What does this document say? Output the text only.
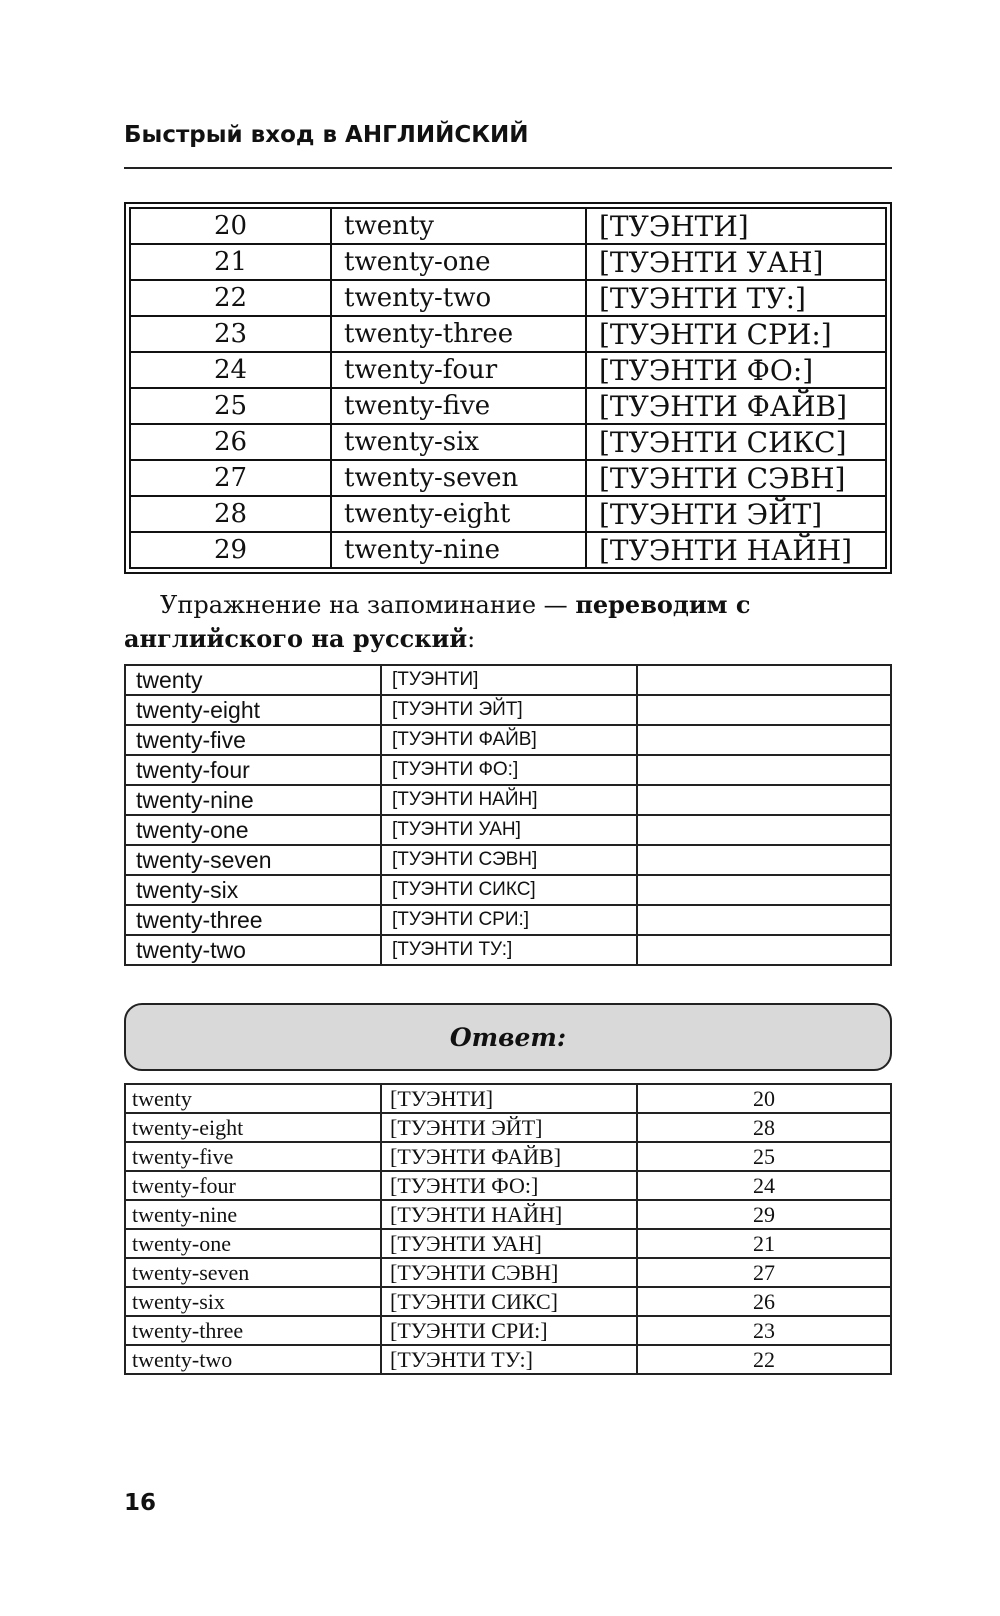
Быстрый вход в АНГЛИЙСКИЙ
20	twenty	[ТУЭНТИ]
21	twenty-one	[ТУЭНТИ УАН]
22	twenty-two	[ТУЭНТИ ТУ:]
23	twenty-three	[ТУЭНТИ СРИ:]
24	twenty-four	[ТУЭНТИ ФО:]
25	twenty-five	[ТУЭНТИ ФАЙВ]
26	twenty-six	[ТУЭНТИ СИКС]
27	twenty-seven	[ТУЭНТИ СЭВН]
28	twenty-eight	[ТУЭНТИ ЭЙТ]
29	twenty-nine	[ТУЭНТИ НАЙН]
Упражнение на запоминание — переводим с английского на русский:
twenty	[ТУЭНТИ]	
twenty-eight	[ТУЭНТИ ЭЙТ]	
twenty-five	[ТУЭНТИ ФАЙВ]	
twenty-four	[ТУЭНТИ ФО:]	
twenty-nine	[ТУЭНТИ НАЙН]	
twenty-one	[ТУЭНТИ УАН]	
twenty-seven	[ТУЭНТИ СЭВН]	
twenty-six	[ТУЭНТИ СИКС]	
twenty-three	[ТУЭНТИ СРИ:]	
twenty-two	[ТУЭНТИ ТУ:]	
Ответ:
twenty	[ТУЭНТИ]	20
twenty-eight	[ТУЭНТИ ЭЙТ]	28
twenty-five	[ТУЭНТИ ФАЙВ]	25
twenty-four	[ТУЭНТИ ФО:]	24
twenty-nine	[ТУЭНТИ НАЙН]	29
twenty-one	[ТУЭНТИ УАН]	21
twenty-seven	[ТУЭНТИ СЭВН]	27
twenty-six	[ТУЭНТИ СИКС]	26
twenty-three	[ТУЭНТИ СРИ:]	23
twenty-two	[ТУЭНТИ ТУ:]	22
16
